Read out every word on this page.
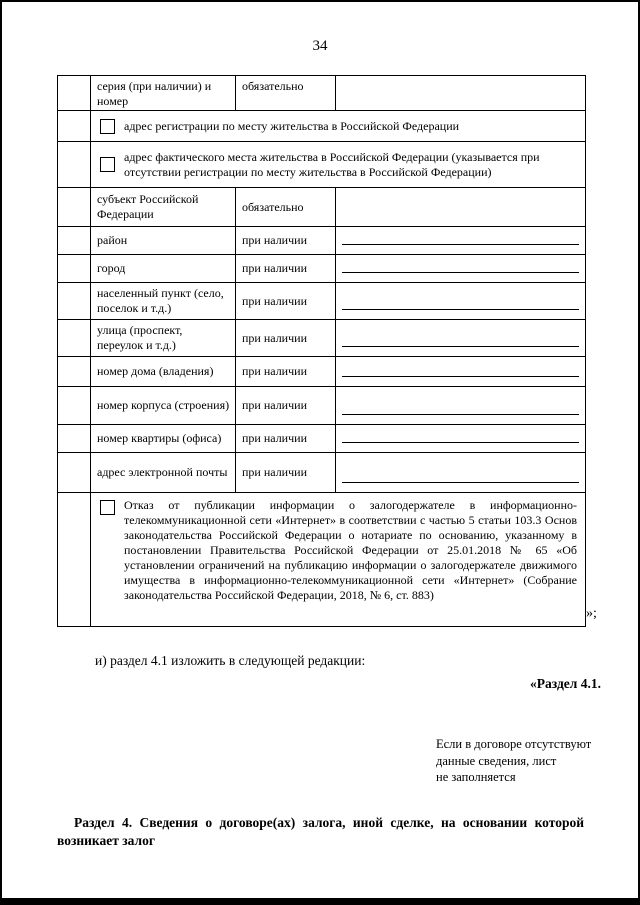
34
серия (при наличии) и номер
обязательно
адрес регистрации по месту жительства в Российской Федерации
адрес фактического места жительства в Российской Федерации (указывается при отсутствии регистрации по месту жительства в Российской Федерации)
субъект Российской Федерации
обязательно
район	при наличии
город	при наличии
населенный пункт (село, поселок и т.д.)
при наличии
улица (проспект, переулок и т.д.)
при наличии
номер дома (владения) при наличии
номер корпуса (строения) при наличии
номер квартиры (офиса) при наличии
адрес электронной почты при наличии
Отказ от публикации информации о залогодержателе в информационно-телекоммуникационной сети «Интернет» в соответствии с частью 5 статьи 103.3 Основ законодательства Российской Федерации о нотариате по основанию, указанному в постановлении Правительства Российской Федерации от 25.01.2018 № 65 «Об установлении ограничений на публикацию информации о залогодержателе движимого имущества в информационно-телекоммуникационной сети «Интернет» (Собрание законодательства Российской Федерации, 2018, № 6, ст. 883)
»;
и) раздел 4.1 изложить в следующей редакции:
«Раздел 4.1.
Если в договоре отсутствуют
данные сведения, лист
не заполняется
Раздел 4. Сведения о договоре(ах) залога, иной сделке, на основании которой возникает залог
